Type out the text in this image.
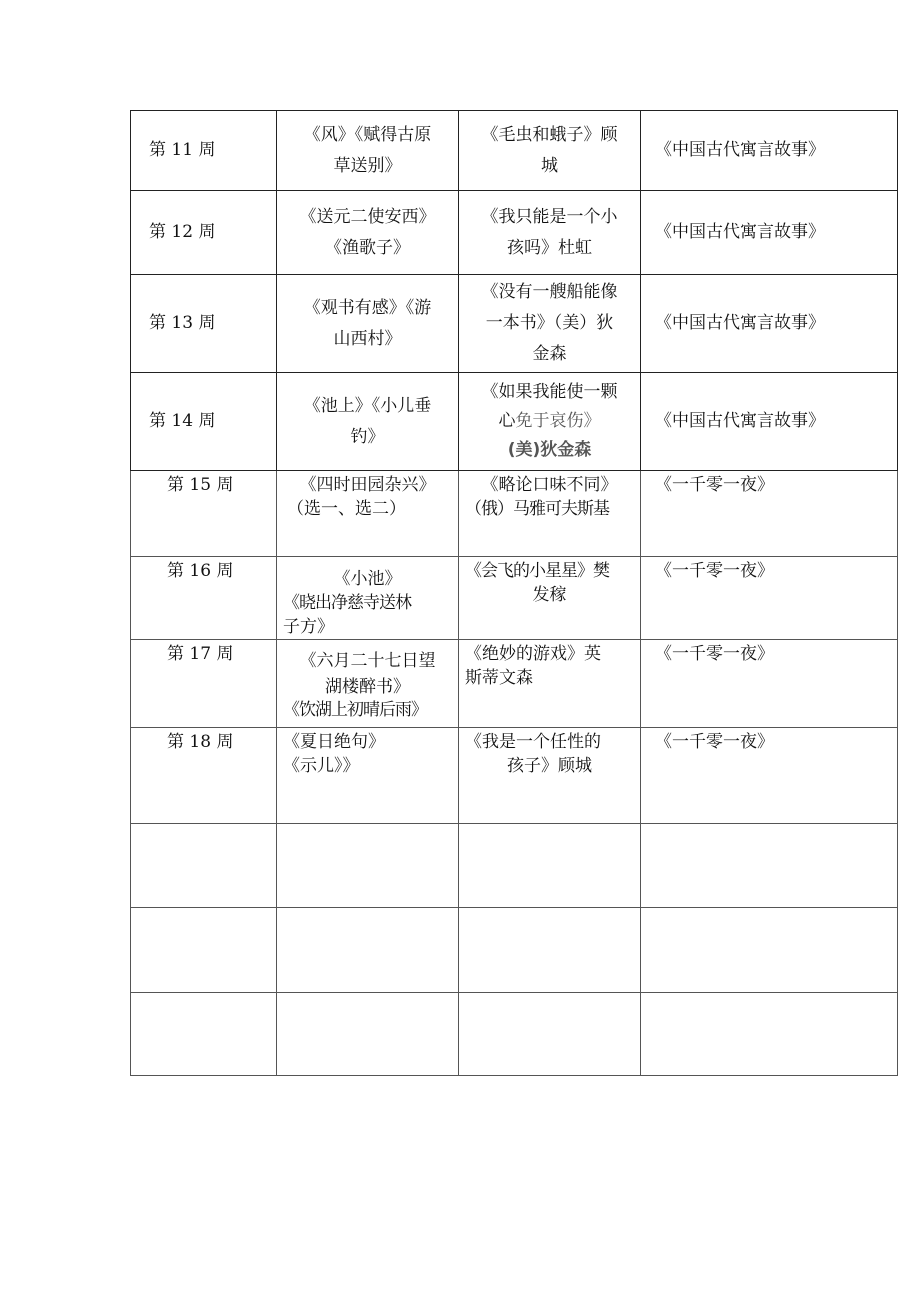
第 11 周	《风》《赋得古原
草送别》	《毛虫和蛾子》顾
城	《中国古代寓言故事》
第 12 周	《送元二使安西》
《渔歌子》	《我只能是一个小
孩吗》杜虹	《中国古代寓言故事》
第 13 周	《观书有感》《游
山西村》	《没有一艘船能像
一本书》（美）狄
金森	《中国古代寓言故事》
第 14 周	《池上》《小儿垂
钓》	《如果我能使一颗
心免于哀伤》
(美)狄金森	《中国古代寓言故事》
第 15 周	《四时田园杂兴》
（选一、选二）	《略论口味不同》
（俄）马雅可夫斯基	《一千零一夜》
第 16 周	《小池》
《晓出净慈寺送林
子方》	《会飞的小星星》樊
发稼	《一千零一夜》
第 17 周	《六月二十七日望
湖楼醉书》
《饮湖上初晴后雨》	《绝妙的游戏》英
斯蒂文森	《一千零一夜》
第 18 周	《夏日绝句》
《示儿》》	《我是一个任性的
孩子》顾城	《一千零一夜》
